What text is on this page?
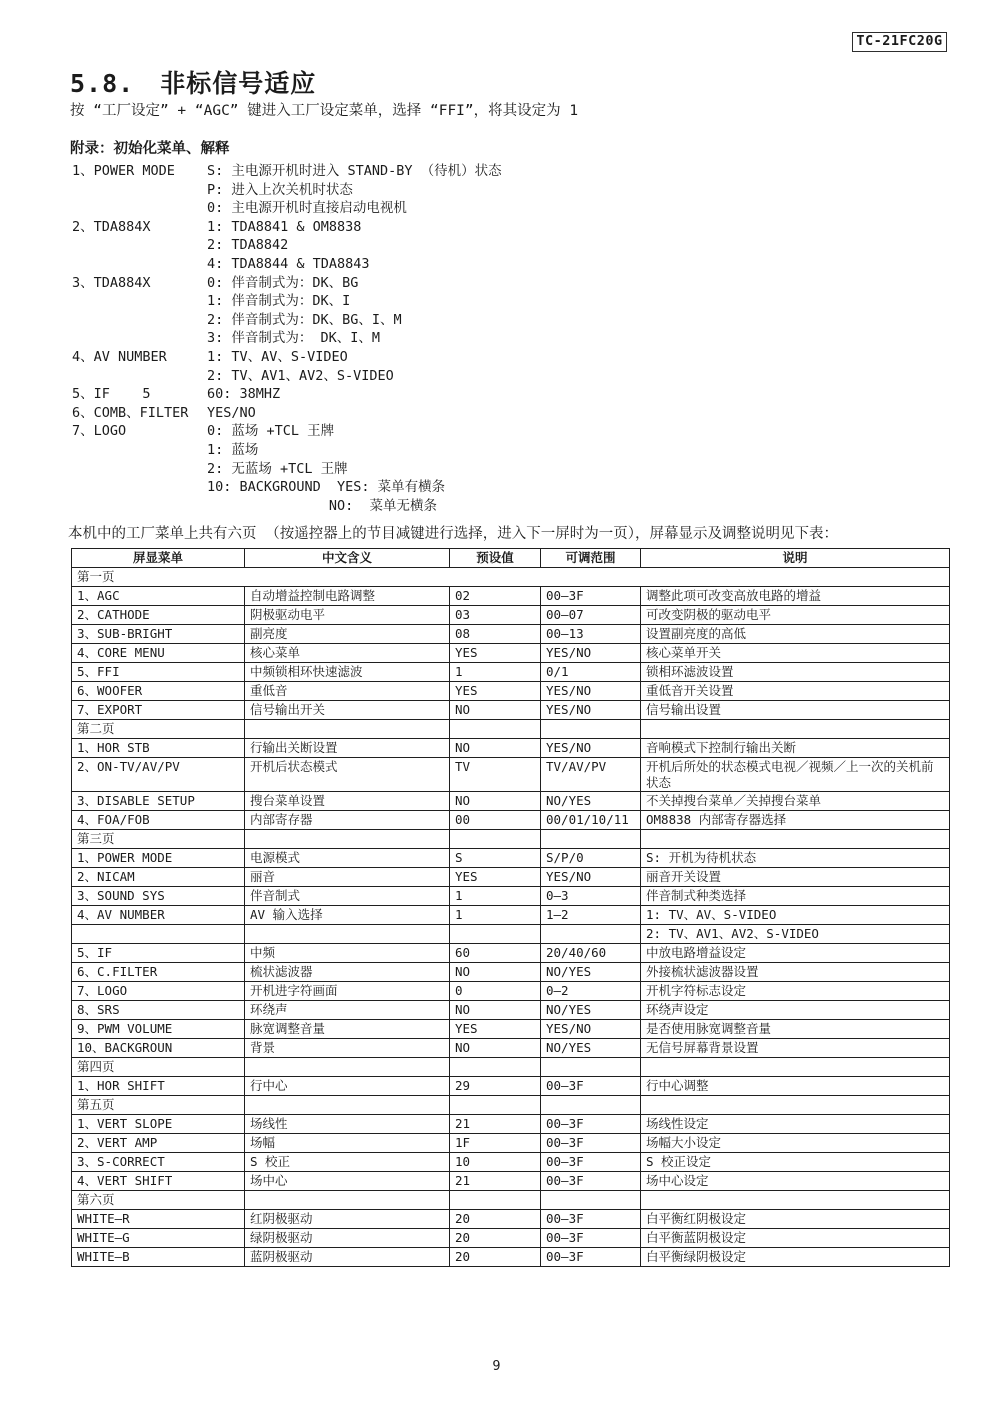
TC-21FC20G
5.8. 非标信号适应
按 “工厂设定” + “AGC” 键进入工厂设定菜单，选择 “FFI”，将其设定为 1
附录：初始化菜单、解释
1、POWER MODE	S: 主电源开机时进入 STAND-BY （待机）状态
P: 进入上次关机时状态
0: 主电源开机时直接启动电视机
2、TDA884X	1: TDA8841 & OM8838
2: TDA8842
4: TDA8844 & TDA8843
3、TDA884X	0: 伴音制式为：DK、BG
1: 伴音制式为：DK、I
2: 伴音制式为：DK、BG、I、M
3: 伴音制式为： DK、I、M
4、AV NUMBER	1: TV、AV、S-VIDEO
2: TV、AV1、AV2、S-VIDEO
5、IF    5	60: 38MHZ
6、COMB、FILTER	YES/NO
7、LOGO	0: 蓝场 +TCL 王牌
1: 蓝场
2: 无蓝场 +TCL 王牌
10: BACKGROUND  YES: 菜单有横条
NO:  菜单无横条
本机中的工厂菜单上共有六页 （按遥控器上的节目减键进行选择，进入下一屏时为一页），屏幕显示及调整说明见下表：
屏显菜单	中文含义	预设值	可调范围	说明
第一页				
1、AGC	自动增益控制电路调整	02	00—3F	调整此项可改变高放电路的增益
2、CATHODE	阴极驱动电平	03	00—07	可改变阴极的驱动电平
3、SUB-BRIGHT	副亮度	08	00—13	设置副亮度的高低
4、CORE MENU	核心菜单	YES	YES/NO	核心菜单开关
5、FFI	中频锁相环快速滤波	1	0/1	锁相环滤波设置
6、WOOFER	重低音	YES	YES/NO	重低音开关设置
7、EXPORT	信号输出开关	NO	YES/NO	信号输出设置
第二页				
1、HOR STB	行输出关断设置	NO	YES/NO	音响模式下控制行输出关断
2、ON-TV/AV/PV	开机后状态模式	TV	TV/AV/PV	开机后所处的状态模式电视／视频／上一次的关机前状态
3、DISABLE SETUP	搜台菜单设置	NO	NO/YES	不关掉搜台菜单／关掉搜台菜单
4、FOA/FOB	内部寄存器	00	00/01/10/11	OM8838 内部寄存器选择
第三页				
1、POWER MODE	电源模式	S	S/P/0	S: 开机为待机状态
2、NICAM	丽音	YES	YES/NO	丽音开关设置
3、SOUND SYS	伴音制式	1	0—3	伴音制式种类选择
4、AV NUMBER	AV 输入选择	1	1—2	1: TV、AV、S-VIDEO
				2: TV、AV1、AV2、S-VIDEO
5、IF	中频	60	20/40/60	中放电路增益设定
6、C.FILTER	梳状滤波器	NO	NO/YES	外接梳状滤波器设置
7、LOGO	开机进字符画面	0	0—2	开机字符标志设定
8、SRS	环绕声	NO	NO/YES	环绕声设定
9、PWM VOLUME	脉宽调整音量	YES	YES/NO	是否使用脉宽调整音量
10、BACKGROUN	背景	NO	NO/YES	无信号屏幕背景设置
第四页				
1、HOR SHIFT	行中心	29	00—3F	行中心调整
第五页				
1、VERT SLOPE	场线性	21	00—3F	场线性设定
2、VERT AMP	场幅	1F	00—3F	场幅大小设定
3、S-CORRECT	S 校正	10	00—3F	S 校正设定
4、VERT SHIFT	场中心	21	00—3F	场中心设定
第六页				
WHITE—R	红阴极驱动	20	00—3F	白平衡红阴极设定
WHITE—G	绿阴极驱动	20	00—3F	白平衡蓝阴极设定
WHITE—B	蓝阴极驱动	20	00—3F	白平衡绿阴极设定
9
